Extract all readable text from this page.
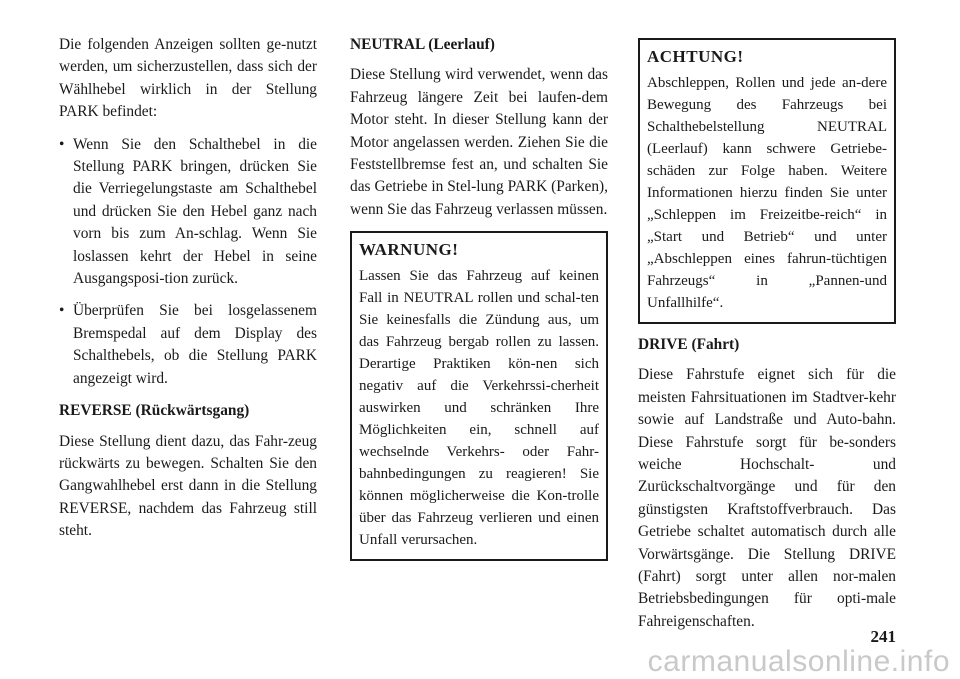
Die folgenden Anzeigen sollten ge-nutzt werden, um sicherzustellen, dass sich der Wählhebel wirklich in der Stellung PARK befindet:

• Wenn Sie den Schalthebel in die Stellung PARK bringen, drücken Sie die Verriegelungstaste am Schalthebel und drücken Sie den Hebel ganz nach vorn bis zum An-schlag. Wenn Sie loslassen kehrt der Hebel in seine Ausgangsposi-tion zurück.
• Überprüfen Sie bei losgelassenem Bremspedal auf dem Display des Schalthebels, ob die Stellung PARK angezeigt wird.

REVERSE (Rückwärtsgang)

Diese Stellung dient dazu, das Fahr-zeug rückwärts zu bewegen. Schalten Sie den Gangwahlhebel erst dann in die Stellung REVERSE, nachdem das Fahrzeug still steht.

NEUTRAL (Leerlauf)

Diese Stellung wird verwendet, wenn das Fahrzeug längere Zeit bei laufen-dem Motor steht. In dieser Stellung kann der Motor angelassen werden. Ziehen Sie die Feststellbremse fest an, und schalten Sie das Getriebe in Stel-lung PARK (Parken), wenn Sie das Fahrzeug verlassen müssen.

WARNUNG!
Lassen Sie das Fahrzeug auf keinen Fall in NEUTRAL rollen und schal-ten Sie keinesfalls die Zündung aus, um das Fahrzeug bergab rollen zu lassen. Derartige Praktiken kön-nen sich negativ auf die Verkehrssi-cherheit auswirken und schränken Ihre Möglichkeiten ein, schnell auf wechselnde Verkehrs- oder Fahr-bahnbedingungen zu reagieren! Sie können möglicherweise die Kon-trolle über das Fahrzeug verlieren und einen Unfall verursachen.
ACHTUNG!
Abschleppen, Rollen und jede an-dere Bewegung des Fahrzeugs bei Schalthebelstellung NEUTRAL (Leerlauf) kann schwere Getriebe-schäden zur Folge haben. Weitere Informationen hierzu finden Sie unter „Schleppen im Freizeitbe-reich“ in „Start und Betrieb“ und unter „Abschleppen eines fahrun-tüchtigen Fahrzeugs“ in „Pannen-und Unfallhilfe“.

DRIVE (Fahrt)

Diese Fahrstufe eignet sich für die meisten Fahrsituationen im Stadtver-kehr sowie auf Landstraße und Auto-bahn. Diese Fahrstufe sorgt für be-sonders weiche Hochschalt- und Zurückschaltvorgänge und für den günstigsten Kraftstoffverbrauch. Das Getriebe schaltet automatisch durch alle Vorwärtsgänge. Die Stellung DRIVE (Fahrt) sorgt unter allen nor-malen Betriebsbedingungen für opti-male Fahreigenschaften.

241
carmanualsonline.info
